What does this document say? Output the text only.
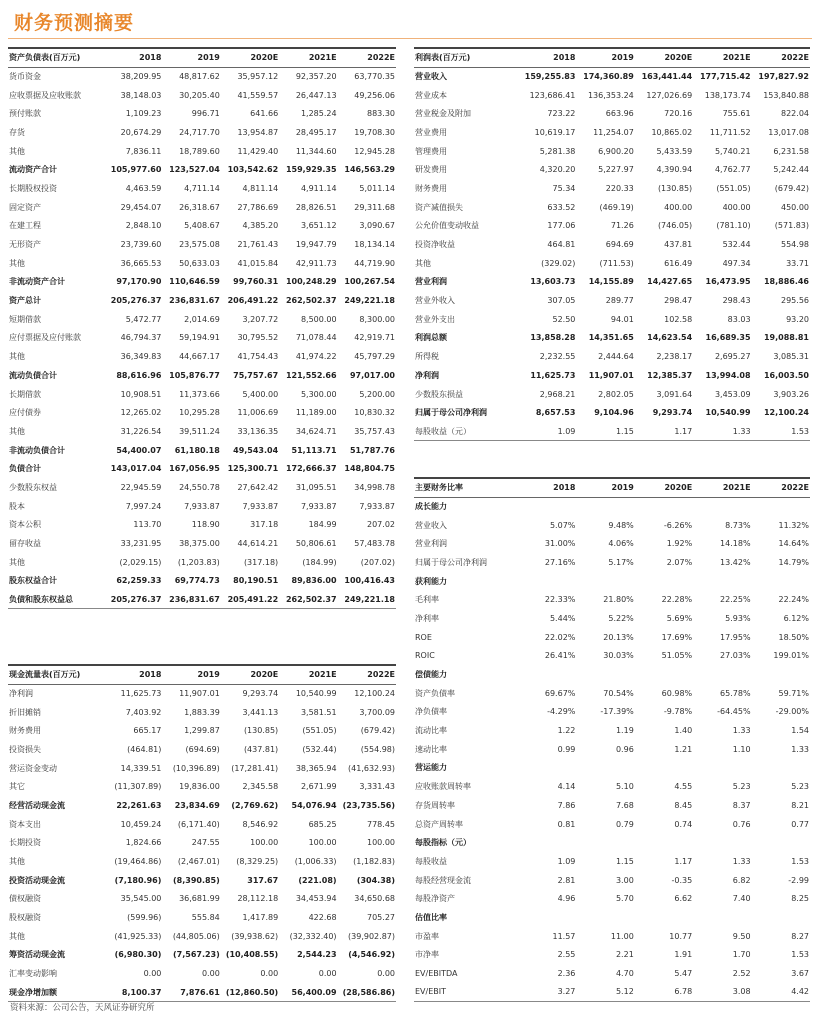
财务预测摘要
资产负债表(百万元)	2018	2019	2020E	2021E	2022E
货币资金	38,209.95	48,817.62	35,957.12	92,357.20	63,770.35
应收票据及应收账款	38,148.03	30,205.40	41,559.57	26,447.13	49,256.06
预付账款	1,109.23	996.71	641.66	1,285.24	883.30
存货	20,674.29	24,717.70	13,954.87	28,495.17	19,708.30
其他	7,836.11	18,789.60	11,429.40	11,344.60	12,945.28
流动资产合计	105,977.60	123,527.04	103,542.62	159,929.35	146,563.29
长期股权投资	4,463.59	4,711.14	4,811.14	4,911.14	5,011.14
固定资产	29,454.07	26,318.67	27,786.69	28,826.51	29,311.68
在建工程	2,848.10	5,408.67	4,385.20	3,651.12	3,090.67
无形资产	23,739.60	23,575.08	21,761.43	19,947.79	18,134.14
其他	36,665.53	50,633.03	41,015.84	42,911.73	44,719.90
非流动资产合计	97,170.90	110,646.59	99,760.31	100,248.29	100,267.54
资产总计	205,276.37	236,831.67	206,491.22	262,502.37	249,221.18
短期借款	5,472.77	2,014.69	3,207.72	8,500.00	8,300.00
应付票据及应付账款	46,794.37	59,194.91	30,795.52	71,078.44	42,919.71
其他	36,349.83	44,667.17	41,754.43	41,974.22	45,797.29
流动负债合计	88,616.96	105,876.77	75,757.67	121,552.66	97,017.00
长期借款	10,908.51	11,373.66	5,400.00	5,300.00	5,200.00
应付债券	12,265.02	10,295.28	11,006.69	11,189.00	10,830.32
其他	31,226.54	39,511.24	33,136.35	34,624.71	35,757.43
非流动负债合计	54,400.07	61,180.18	49,543.04	51,113.71	51,787.76
负债合计	143,017.04	167,056.95	125,300.71	172,666.37	148,804.75
少数股东权益	22,945.59	24,550.78	27,642.42	31,095.51	34,998.78
股本	7,997.24	7,933.87	7,933.87	7,933.87	7,933.87
资本公积	113.70	118.90	317.18	184.99	207.02
留存收益	33,231.95	38,375.00	44,614.21	50,806.61	57,483.78
其他	(2,029.15)	(1,203.83)	(317.18)	(184.99)	(207.02)
股东权益合计	62,259.33	69,774.73	80,190.51	89,836.00	100,416.43
负债和股东权益总	205,276.37	236,831.67	205,491.22	262,502.37	249,221.18
利润表(百万元)	2018	2019	2020E	2021E	2022E
营业收入	159,255.83	174,360.89	163,441.44	177,715.42	197,827.92
营业成本	123,686.41	136,353.24	127,026.69	138,173.74	153,840.88
营业税金及附加	723.22	663.96	720.16	755.61	822.04
营业费用	10,619.17	11,254.07	10,865.02	11,711.52	13,017.08
管理费用	5,281.38	6,900.20	5,433.59	5,740.21	6,231.58
研发费用	4,320.20	5,227.97	4,390.94	4,762.77	5,242.44
财务费用	75.34	220.33	(130.85)	(551.05)	(679.42)
资产减值损失	633.52	(469.19)	400.00	400.00	450.00
公允价值变动收益	177.06	71.26	(746.05)	(781.10)	(571.83)
投资净收益	464.81	694.69	437.81	532.44	554.98
其他	(329.02)	(711.53)	616.49	497.34	33.71
营业利润	13,603.73	14,155.89	14,427.65	16,473.95	18,886.46
营业外收入	307.05	289.77	298.47	298.43	295.56
营业外支出	52.50	94.01	102.58	83.03	93.20
利润总额	13,858.28	14,351.65	14,623.54	16,689.35	19,088.81
所得税	2,232.55	2,444.64	2,238.17	2,695.27	3,085.31
净利润	11,625.73	11,907.01	12,385.37	13,994.08	16,003.50
少数股东损益	2,968.21	2,802.05	3,091.64	3,453.09	3,903.26
归属于母公司净利润	8,657.53	9,104.96	9,293.74	10,540.99	12,100.24
每股收益（元）	1.09	1.15	1.17	1.33	1.53
主要财务比率	2018	2019	2020E	2021E	2022E
成长能力					
营业收入	5.07%	9.48%	-6.26%	8.73%	11.32%
营业利润	31.00%	4.06%	1.92%	14.18%	14.64%
归属于母公司净利润	27.16%	5.17%	2.07%	13.42%	14.79%
获利能力					
毛利率	22.33%	21.80%	22.28%	22.25%	22.24%
净利率	5.44%	5.22%	5.69%	5.93%	6.12%
ROE	22.02%	20.13%	17.69%	17.95%	18.50%
ROIC	26.41%	30.03%	51.05%	27.03%	199.01%
偿债能力					
资产负债率	69.67%	70.54%	60.98%	65.78%	59.71%
净负债率	-4.29%	-17.39%	-9.78%	-64.45%	-29.00%
流动比率	1.22	1.19	1.40	1.33	1.54
速动比率	0.99	0.96	1.21	1.10	1.33
营运能力					
应收账款周转率	4.14	5.10	4.55	5.23	5.23
存货周转率	7.86	7.68	8.45	8.37	8.21
总资产周转率	0.81	0.79	0.74	0.76	0.77
每股指标（元）					
每股收益	1.09	1.15	1.17	1.33	1.53
每股经营现金流	2.81	3.00	-0.35	6.82	-2.99
每股净资产	4.96	5.70	6.62	7.40	8.25
估值比率					
市盈率	11.57	11.00	10.77	9.50	8.27
市净率	2.55	2.21	1.91	1.70	1.53
EV/EBITDA	2.36	4.70	5.47	2.52	3.67
EV/EBIT	3.27	5.12	6.78	3.08	4.42
现金流量表(百万元)	2018	2019	2020E	2021E	2022E
净利润	11,625.73	11,907.01	9,293.74	10,540.99	12,100.24
折旧摊销	7,403.92	1,883.39	3,441.13	3,581.51	3,700.09
财务费用	665.17	1,299.87	(130.85)	(551.05)	(679.42)
投资损失	(464.81)	(694.69)	(437.81)	(532.44)	(554.98)
营运资金变动	14,339.51	(10,396.89)	(17,281.41)	38,365.94	(41,632.93)
其它	(11,307.89)	19,836.00	2,345.58	2,671.99	3,331.43
经营活动现金流	22,261.63	23,834.69	(2,769.62)	54,076.94	(23,735.56)
资本支出	10,459.24	(6,171.40)	8,546.92	685.25	778.45
长期投资	1,824.66	247.55	100.00	100.00	100.00
其他	(19,464.86)	(2,467.01)	(8,329.25)	(1,006.33)	(1,182.83)
投资活动现金流	(7,180.96)	(8,390.85)	317.67	(221.08)	(304.38)
债权融资	35,545.00	36,681.99	28,112.18	34,453.94	34,650.68
股权融资	(599.96)	555.84	1,417.89	422.68	705.27
其他	(41,925.33)	(44,805.06)	(39,938.62)	(32,332.40)	(39,902.87)
筹资活动现金流	(6,980.30)	(7,567.23)	(10,408.55)	2,544.23	(4,546.92)
汇率变动影响	0.00	0.00	0.00	0.00	0.00
现金净增加额	8,100.37	7,876.61	(12,860.50)	56,400.09	(28,586.86)
资料来源：公司公告，天风证券研究所
